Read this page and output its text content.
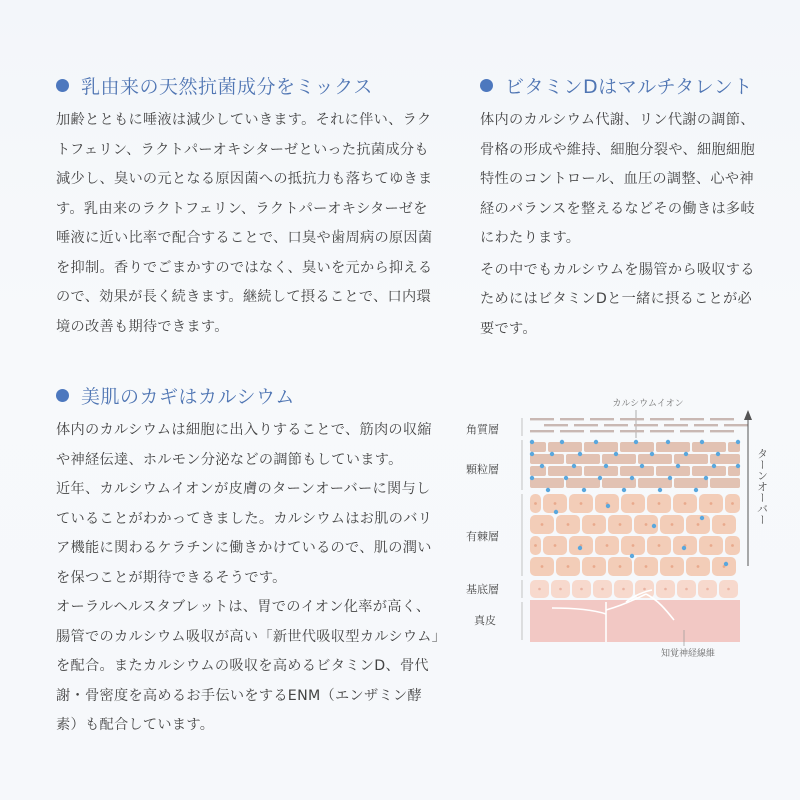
乳由来の天然抗菌成分をミックス

加齢とともに唾液は減少していきます。それに伴い、ラクトフェリン、ラクトパーオキシターゼといった抗菌成分も減少し、臭いの元となる原因菌への抵抗力も落ちてゆきます。乳由来のラクトフェリン、ラクトパーオキシターゼを唾液に近い比率で配合することで、口臭や歯周病の原因菌を抑制。香りでごまかすのではなく、臭いを元から抑えるので、効果が長く続きます。継続して摂ることで、口内環境の改善も期待できます。

ビタミンDはマルチタレント

体内のカルシウム代謝、リン代謝の調節、骨格の形成や維持、細胞分裂や、細胞細胞特性のコントロール、血圧の調整、心や神経のバランスを整えるなどその働きは多岐にわたります。

その中でもカルシウムを腸管から吸収するためにはビタミンDと一緒に摂ることが必要です。

美肌のカギはカルシウム

体内のカルシウムは細胞に出入りすることで、筋肉の収縮や神経伝達、ホルモン分泌などの調節もしています。

近年、カルシウムイオンが皮膚のターンオーバーに関与していることがわかってきました。カルシウムはお肌のバリア機能に関わるケラチンに働きかけているので、肌の潤いを保つことが期待できるそうです。

オーラルヘルスタブレットは、胃でのイオン化率が高く、腸管でのカルシウム吸収が高い「新世代吸収型カルシウム」を配合。またカルシウムの吸収を高めるビタミンD、骨代謝・骨密度を高めるお手伝いをするENM（エンザミン酵素）も配合しています。

カルシウムイオン
角質層
顆粒層
有棘層
基底層
真皮
ターンオーバー
知覚神経線維
